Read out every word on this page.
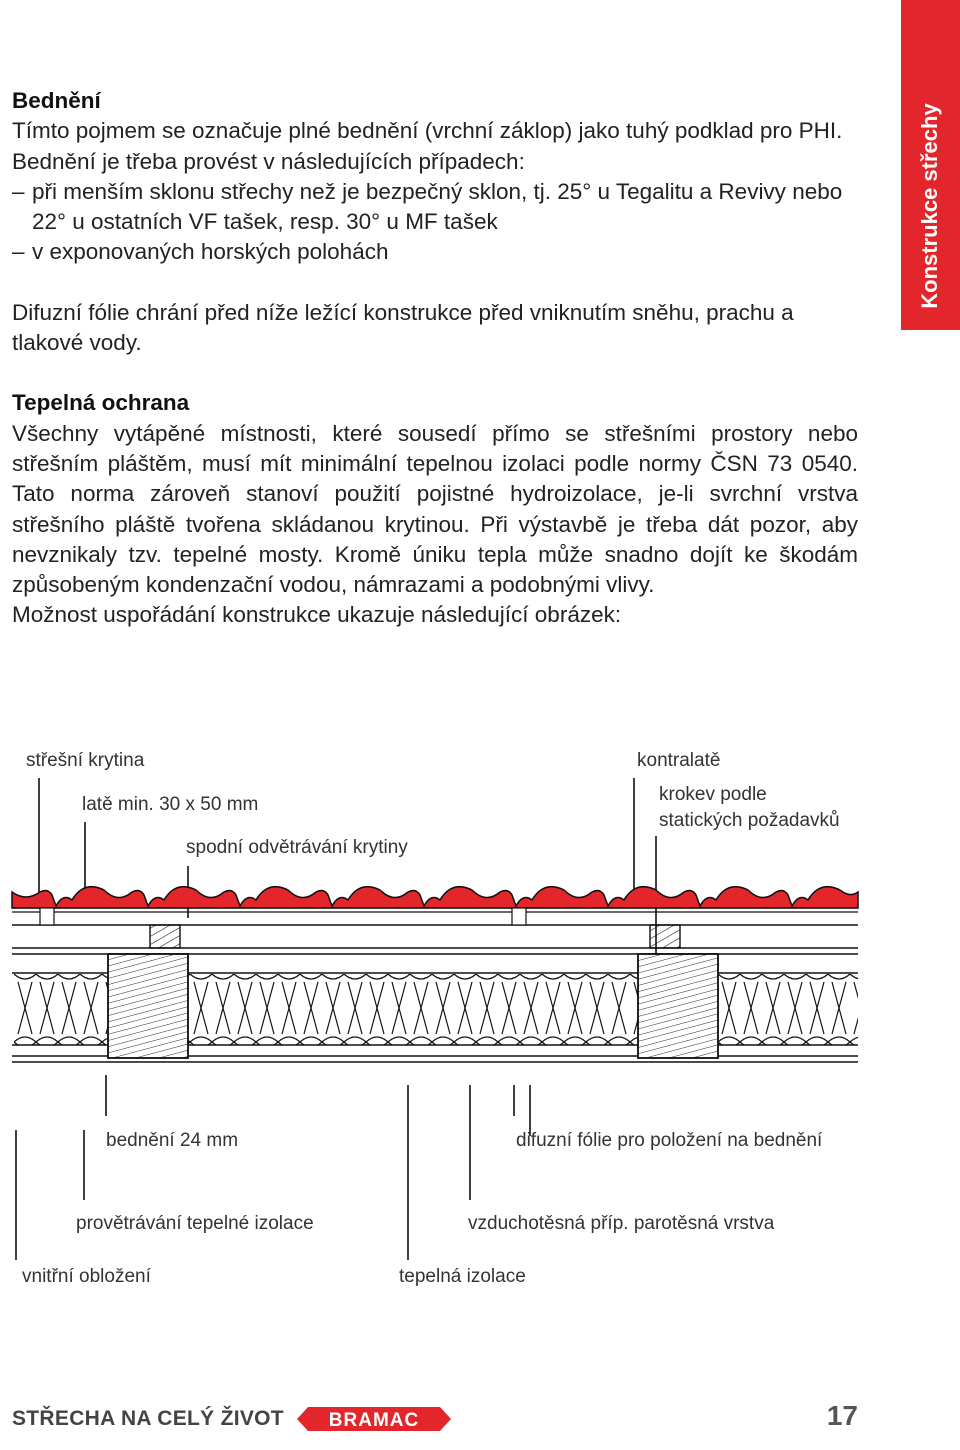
Konstrukce střechy

Bednění

Tímto pojmem se označuje plné bednění (vrchní záklop) jako tuhý podklad pro PHI.

Bednění je třeba provést v následujících případech:

– při menším sklonu střechy než je bezpečný sklon, tj. 25° u Tegalitu a Revivy nebo 22° u ostatních VF tašek, resp. 30° u MF tašek
– v exponovaných horských polohách

Difuzní fólie chrání před níže ležící konstrukce před vniknutím sněhu, prachu a tlakové vody.

Tepelná ochrana

Všechny vytápěné místnosti, které sousedí přímo se střešními prostory nebo střešním pláštěm, musí mít minimální tepelnou izolaci podle normy ČSN 73 0540. Tato norma zároveň stanoví použití pojistné hydroizolace, je-li svrchní vrstva střešního pláště tvořena skládanou krytinou. Při výstavbě je třeba dát pozor, aby nevznikaly tzv. tepelné mosty. Kromě úniku tepla může snadno dojít ke škodám způsobeným kondenzační vodou, námrazami a podobnými vlivy.

Možnost uspořádání konstrukce ukazuje následující obrázek:

střešní krytina
latě min. 30 x 50 mm
spodní odvětrávání krytiny
kontralatě
krokev podle
statických požadavků
bednění 24 mm	difuzní fólie pro položení na bednění
provětrávání tepelné izolace	vzduchotěsná příp. parotěsná vrstva
vnitřní obložení	tepelná izolace
STŘECHA NA CELÝ ŽIVOT BRAMAC	17
